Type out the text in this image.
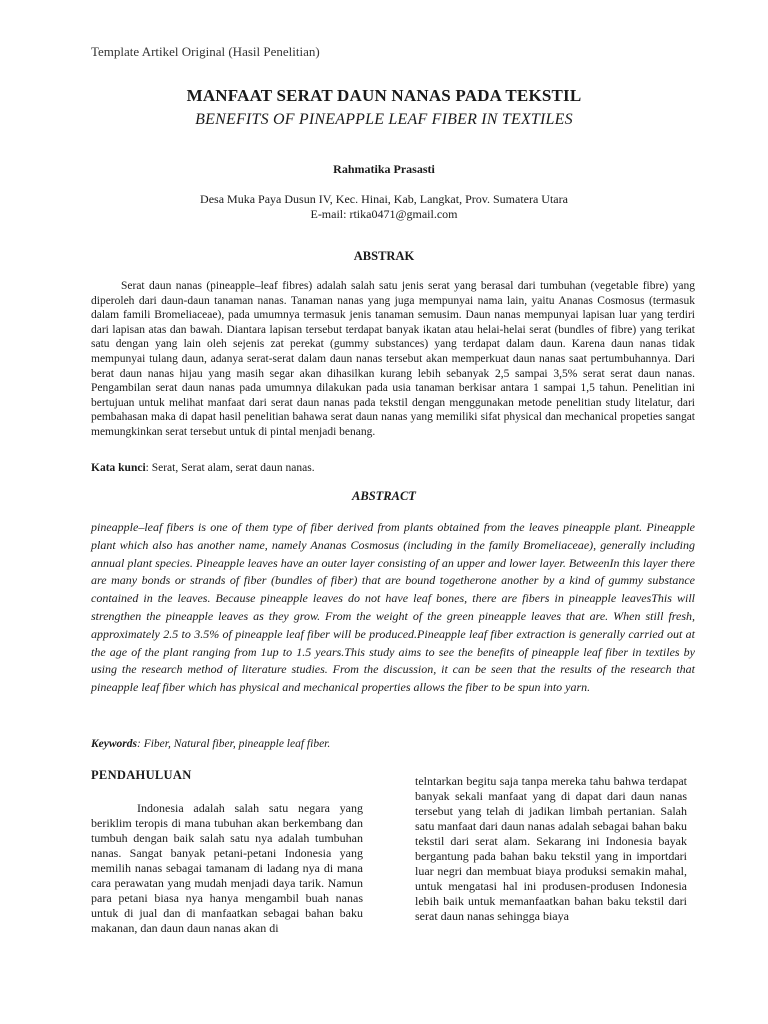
Template Artikel Original (Hasil Penelitian)
MANFAAT SERAT DAUN NANAS PADA TEKSTIL
BENEFITS OF PINEAPPLE LEAF FIBER IN TEXTILES
Rahmatika Prasasti
Desa Muka Paya Dusun IV, Kec. Hinai, Kab, Langkat, Prov. Sumatera Utara
E-mail: rtika0471@gmail.com
ABSTRAK
Serat daun nanas (pineapple–leaf fibres) adalah salah satu jenis serat yang berasal dari tumbuhan (vegetable fibre) yang diperoleh dari daun-daun tanaman nanas. Tanaman nanas yang juga mempunyai nama lain, yaitu Ananas Cosmosus (termasuk dalam famili Bromeliaceae), pada umumnya termasuk jenis tanaman semusim. Daun nanas mempunyai lapisan luar yang terdiri dari lapisan atas dan bawah. Diantara lapisan tersebut terdapat banyak ikatan atau helai-helai serat (bundles of fibre) yang terikat satu dengan yang lain oleh sejenis zat perekat (gummy substances) yang terdapat dalam daun. Karena daun nanas tidak mempunyai tulang daun, adanya serat-serat dalam daun nanas tersebut akan memperkuat daun nanas saat pertumbuhannya. Dari berat daun nanas hijau yang masih segar akan dihasilkan kurang lebih sebanyak 2,5 sampai 3,5% serat serat daun nanas. Pengambilan serat daun nanas pada umumnya dilakukan pada usia tanaman berkisar antara 1 sampai 1,5 tahun. Penelitian ini bertujuan untuk melihat manfaat dari serat daun nanas pada tekstil dengan menggunakan metode penelitian study litelatur, dari pembahasan maka di dapat hasil penelitian bahawa serat daun nanas yang memiliki sifat physical dan mechanical propeties sangat memungkinkan serat tersebut untuk di pintal menjadi benang.
Kata kunci: Serat, Serat alam, serat daun nanas.
ABSTRACT
pineapple–leaf fibers is one of them type of fiber derived from plants obtained from the leaves pineapple plant. Pineapple plant which also has another name, namely Ananas Cosmosus (including in the family Bromeliaceae), generally including annual plant species. Pineapple leaves have an outer layer consisting of an upper and lower layer. BetweenIn this layer there are many bonds or strands of fiber (bundles of fiber) that are bound togetherone another by a kind of gummy substance contained in the leaves. Because pineapple leaves do not have leaf bones, there are fibers in pineapple leavesThis will strengthen the pineapple leaves as they grow. From the weight of the green pineapple leaves that are. When still fresh, approximately 2.5 to 3.5% of pineapple leaf fiber will be produced.Pineapple leaf fiber extraction is generally carried out at the age of the plant ranging from 1up to 1.5 years.This study aims to see the benefits of pineapple leaf fiber in textiles by using the research method of literature studies. From the discussion, it can be seen that the results of the research that pineapple leaf fiber which has physical and mechanical properties allows the fiber to be spun into yarn.
Keywords: Fiber, Natural fiber, pineapple leaf fiber.
PENDAHULUAN
Indonesia adalah salah satu negara yang beriklim teropis di mana tubuhan akan berkembang dan tumbuh dengan baik salah satu nya adalah tumbuhan nanas. Sangat banyak petani-petani Indonesia yang memilih nanas sebagai tamanam di ladang nya di mana cara perawatan yang mudah menjadi daya tarik. Namun para petani biasa nya hanya mengambil buah nanas untuk di jual dan di manfaatkan sebagai bahan baku makanan, dan daun daun nanas akan di
telntarkan begitu saja tanpa mereka tahu bahwa terdapat banyak sekali manfaat yang di dapat dari daun nanas tersebut yang telah di jadikan limbah pertanian. Salah satu manfaat dari daun nanas adalah sebagai bahan baku tekstil dari serat alam. Sekarang ini Indonesia bayak bergantung pada bahan baku tekstil yang in importdari luar negri dan membuat biaya produksi semakin mahal, untuk mengatasi hal ini produsen-produsen Indonesia lebih baik untuk memanfaatkan bahan baku tekstil dari serat daun nanas sehingga biaya
